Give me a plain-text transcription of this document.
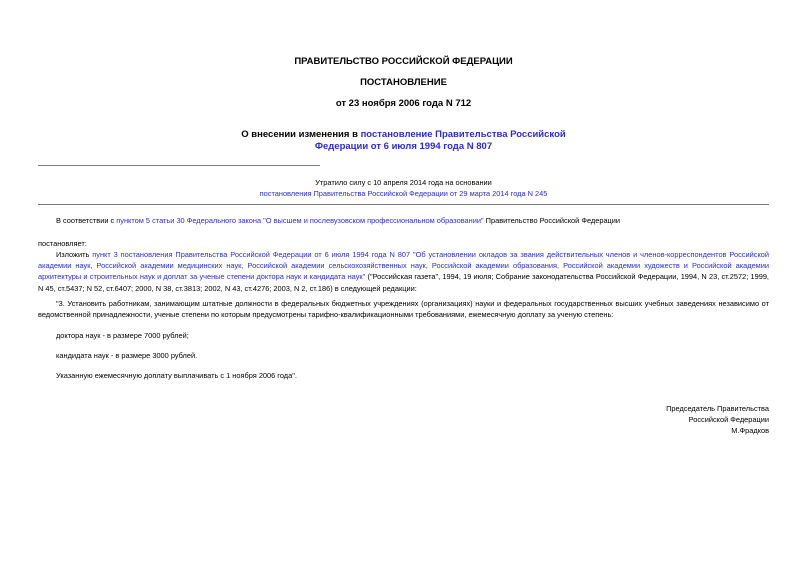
ПРАВИТЕЛЬСТВО РОССИЙСКОЙ ФЕДЕРАЦИИ
ПОСТАНОВЛЕНИЕ
от 23 ноября 2006 года N 712
О внесении изменения в постановление Правительства Российской
Федерации от 6 июля 1994 года N 807
Утратило силу с 10 апреля 2014 года на основании
постановления Правительства Российской Федерации от 29 марта 2014 года N 245
В соответствии с пунктом 5 статьи 30 Федерального закона "О высшем и послевузовском профессиональном образовании" Правительство Российской Федерации
постановляет:
Изложить пункт 3 постановления Правительства Российской Федерации от 6 июля 1994 года N 807 "Об установлении окладов за звания действительных членов и членов-корреспондентов Российской академии наук, Российской академии медицинских наук, Российской академии сельскохозяйственных наук, Российской академии образования, Российской академии художеств и Российской академии архитектуры и строительных наук и доплат за ученые степени доктора наук и кандидата наук" ("Российская газета", 1994, 19 июля; Собрание законодательства Российской Федерации, 1994, N 23, ст.2572; 1999, N 45, ст.5437; N 52, ст.6407; 2000, N 38, ст.3813; 2002, N 43, ст.4276; 2003, N 2, ст.186) в следующей редакции:
"3. Установить работникам, занимающим штатные должности в федеральных бюджетных учреждениях (организациях) науки и федеральных государственных высших учебных заведениях независимо от ведомственной принадлежности, ученые степени по которым предусмотрены тарифно-квалификационными требованиями, ежемесячную доплату за ученую степень:
доктора наук - в размере 7000 рублей;
кандидата наук - в размере 3000 рублей.
Указанную ежемесячную доплату выплачивать с 1 ноября 2006 года".
Председатель Правительства
Российской Федерации
М.Фрадков
